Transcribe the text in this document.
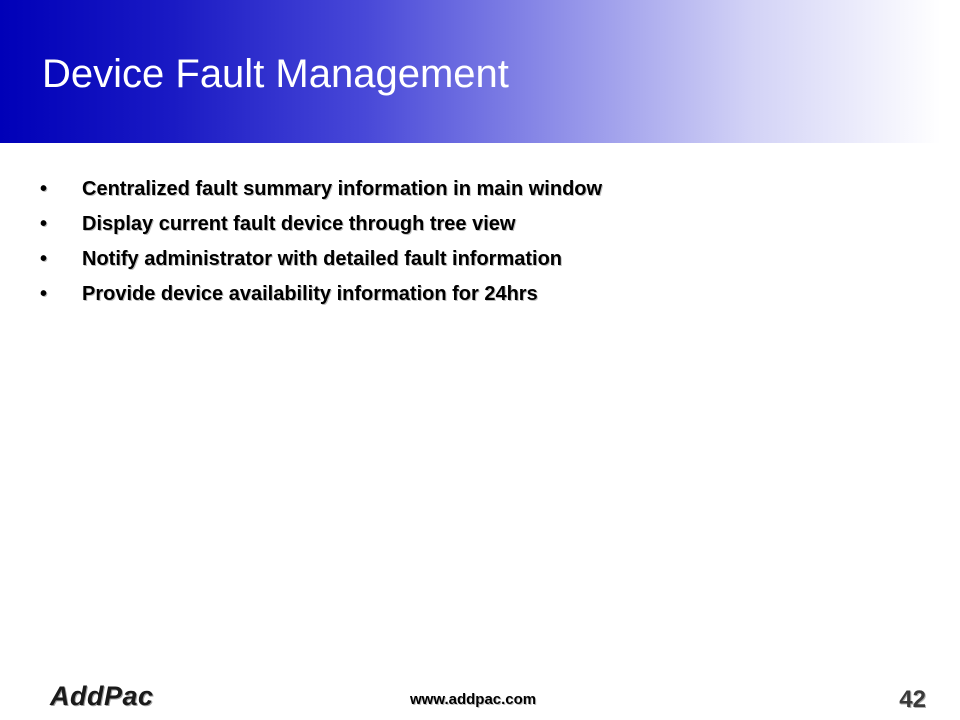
Device Fault Management
•	Centralized fault summary information in main window
•	Display current fault device through tree view
•	Notify administrator with detailed fault information
•	Provide device availability information for 24hrs
AddPac	www.addpac.com	42
